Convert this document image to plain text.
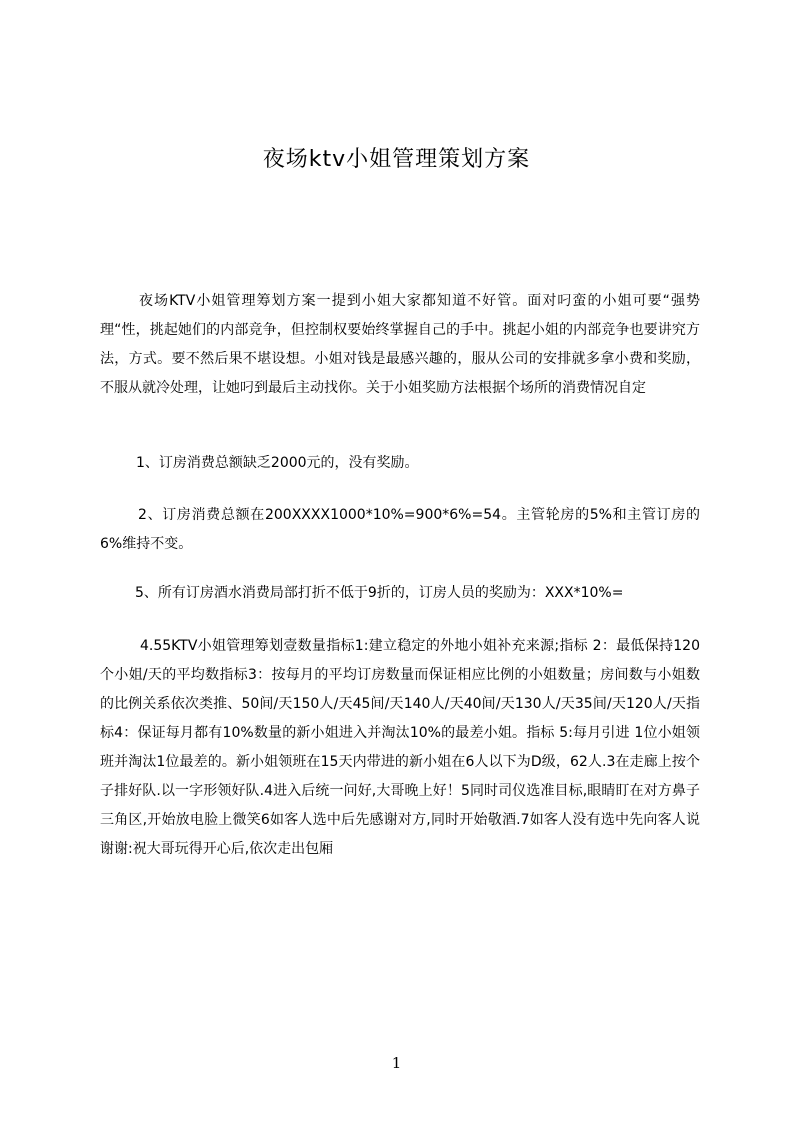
夜场ktv小姐管理策划方案
夜场KTV小姐管理筹划方案一提到小姐大家都知道不好管。面对叼蛮的小姐可要“强势理“性，挑起她们的内部竞争，但控制权要始终掌握自己的手中。挑起小姐的内部竞争也要讲究方法，方式。要不然后果不堪设想。小姐对钱是最感兴趣的，服从公司的安排就多拿小费和奖励，不服从就冷处理，让她叼到最后主动找你。关于小姐奖励方法根据个场所的消费情况自定
1、订房消费总额缺乏2000元的，没有奖励。
2、订房消费总额在200XXXX1000*10%=900*6%=54。主管轮房的5%和主管订房的6%维持不变。
5、所有订房酒水消费局部打折不低于9折的，订房人员的奖励为：XXX*10%=
4.55KTV小姐管理筹划壹数量指标1:建立稳定的外地小姐补充来源;指标 2：最低保持120个小姐/天的平均数指标3：按每月的平均订房数量而保证相应比例的小姐数量；房间数与小姐数的比例关系依次类推、50间/天150人/天45间/天140人/天40间/天130人/天35间/天120人/天指标4：保证每月都有10%数量的新小姐进入并淘汰10%的最差小姐。指标 5:每月引进 1位小姐领班并淘汰1位最差的。新小姐领班在15天内带进的新小姐在6人以下为D级，62人.3在走廊上按个子排好队.以一字形领好队.4进入后统一问好,大哥晚上好！5同时司仪选准目标,眼睛盯在对方鼻子三角区,开始放电脸上微笑6如客人选中后先感谢对方,同时开始敬酒.7如客人没有选中先向客人说谢谢:祝大哥玩得开心后,依次走出包厢
1
